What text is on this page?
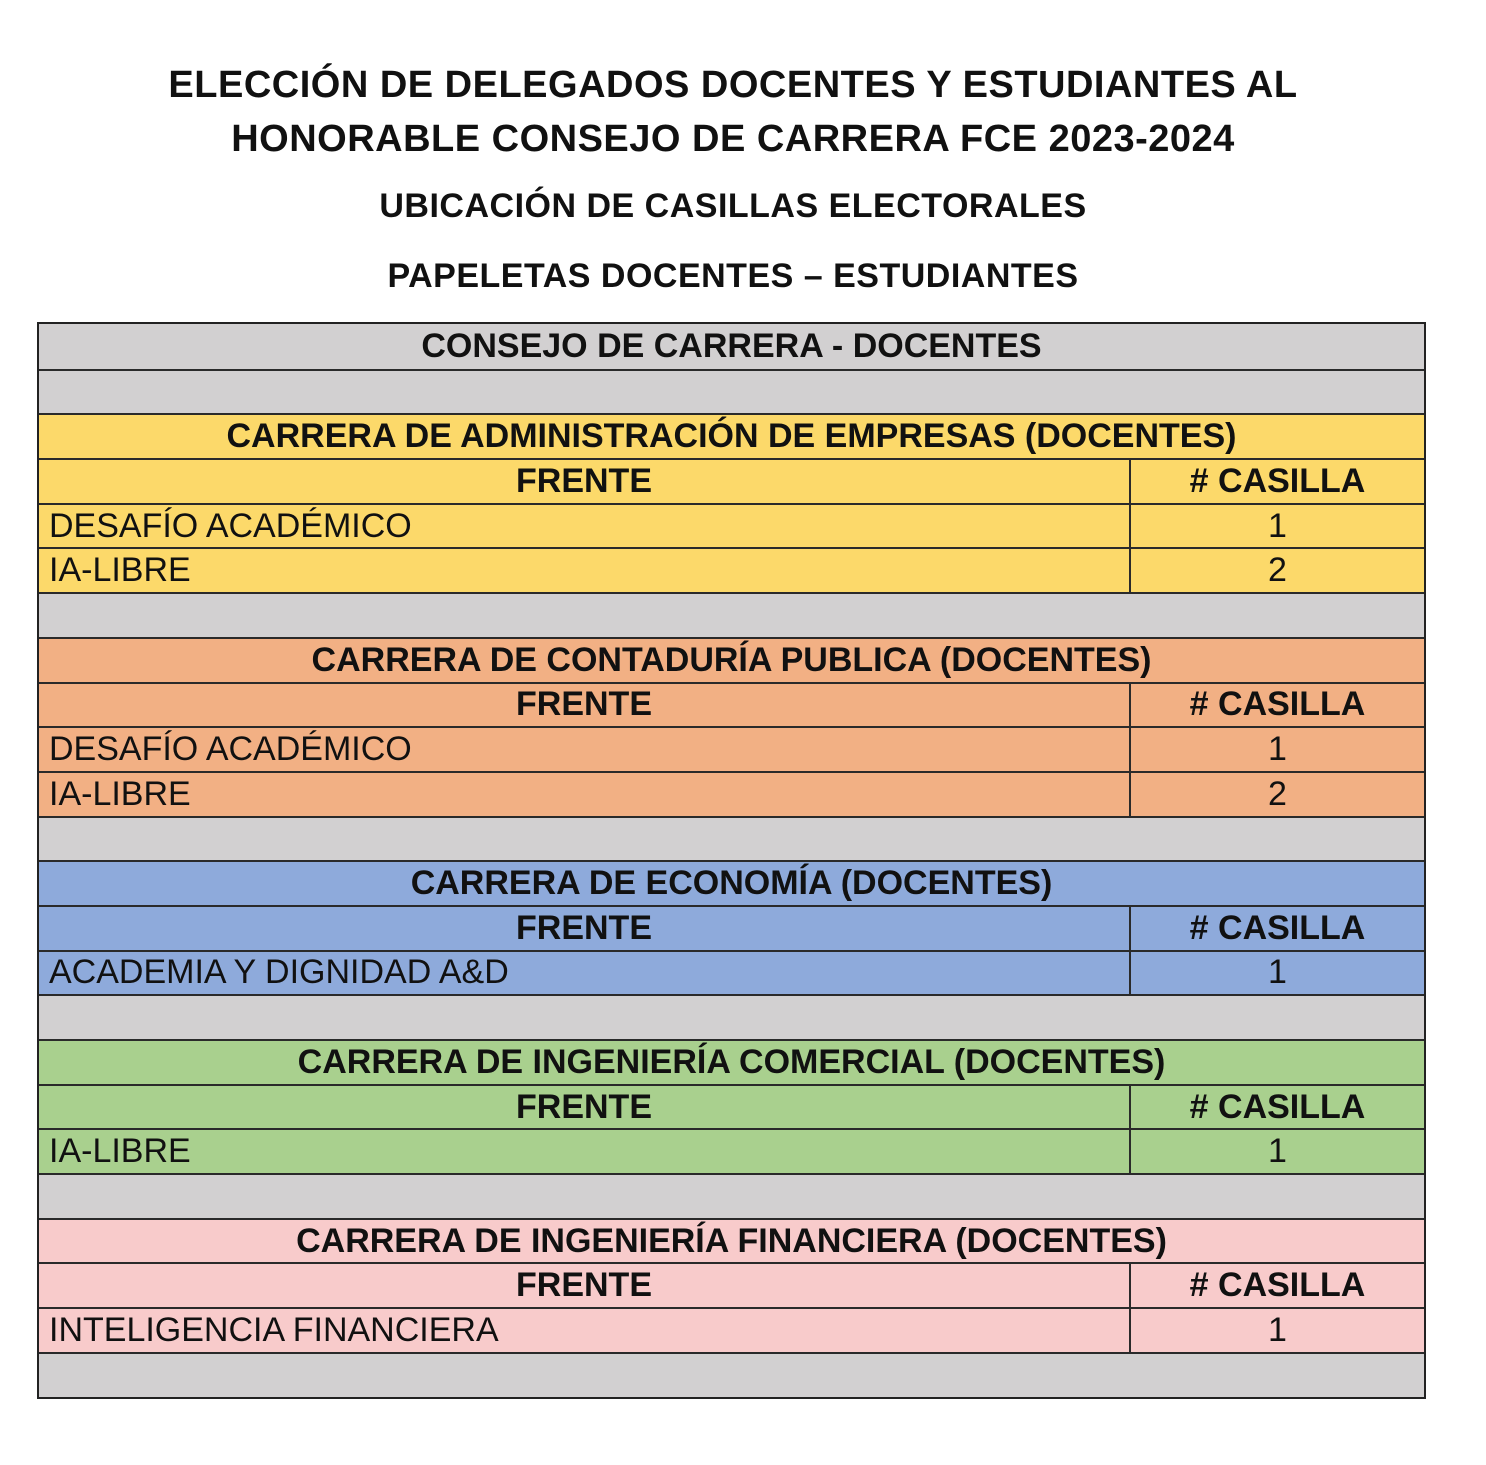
ELECCIÓN DE DELEGADOS DOCENTES Y ESTUDIANTES AL
HONORABLE CONSEJO DE CARRERA FCE 2023-2024
UBICACIÓN DE CASILLAS ELECTORALES
PAPELETAS DOCENTES – ESTUDIANTES
CONSEJO DE CARRERA - DOCENTES
CARRERA DE ADMINISTRACIÓN DE EMPRESAS (DOCENTES)
FRENTE	# CASILLA
DESAFÍO ACADÉMICO	1
IA-LIBRE	2
CARRERA DE CONTADURÍA PUBLICA (DOCENTES)
FRENTE	# CASILLA
DESAFÍO ACADÉMICO	1
IA-LIBRE	2
CARRERA DE ECONOMÍA (DOCENTES)
FRENTE	# CASILLA
ACADEMIA Y DIGNIDAD A&D	1
CARRERA DE INGENIERÍA COMERCIAL (DOCENTES)
FRENTE	# CASILLA
IA-LIBRE	1
CARRERA DE INGENIERÍA FINANCIERA (DOCENTES)
FRENTE	# CASILLA
INTELIGENCIA FINANCIERA	1
